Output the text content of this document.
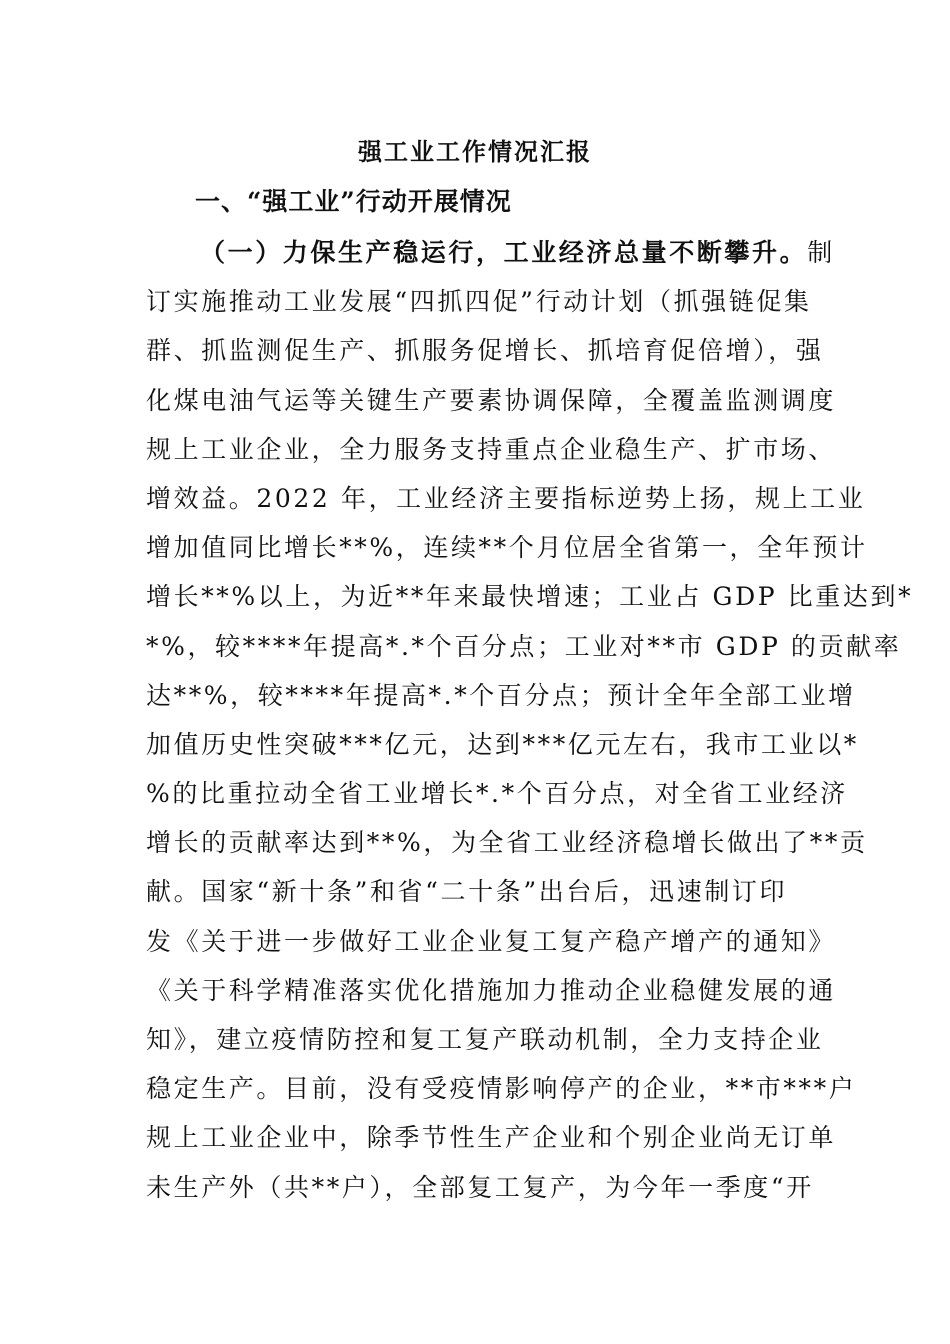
强工业工作情况汇报
一、“强工业”行动开展情况
（一）力保生产稳运行，工业经济总量不断攀升。制
订实施推动工业发展“四抓四促”行动计划（抓强链促集
群、抓监测促生产、抓服务促增长、抓培育促倍增），强
化煤电油气运等关键生产要素协调保障，全覆盖监测调度
规上工业企业，全力服务支持重点企业稳生产、扩市场、
增效益。2022 年，工业经济主要指标逆势上扬，规上工业
增加值同比增长**%，连续**个月位居全省第一，全年预计
增长**%以上，为近**年来最快增速；工业占 GDP 比重达到*
*%，较****年提高*.*个百分点；工业对**市 GDP 的贡献率
达**%，较****年提高*.*个百分点；预计全年全部工业增
加值历史性突破***亿元，达到***亿元左右，我市工业以*
%的比重拉动全省工业增长*.*个百分点，对全省工业经济
增长的贡献率达到**%，为全省工业经济稳增长做出了**贡
献。国家“新十条”和省“二十条”出台后，迅速制订印
发《关于进一步做好工业企业复工复产稳产增产的通知》
《关于科学精准落实优化措施加力推动企业稳健发展的通
知》，建立疫情防控和复工复产联动机制，全力支持企业
稳定生产。目前，没有受疫情影响停产的企业，**市***户
规上工业企业中，除季节性生产企业和个别企业尚无订单
未生产外（共**户），全部复工复产，为今年一季度“开
